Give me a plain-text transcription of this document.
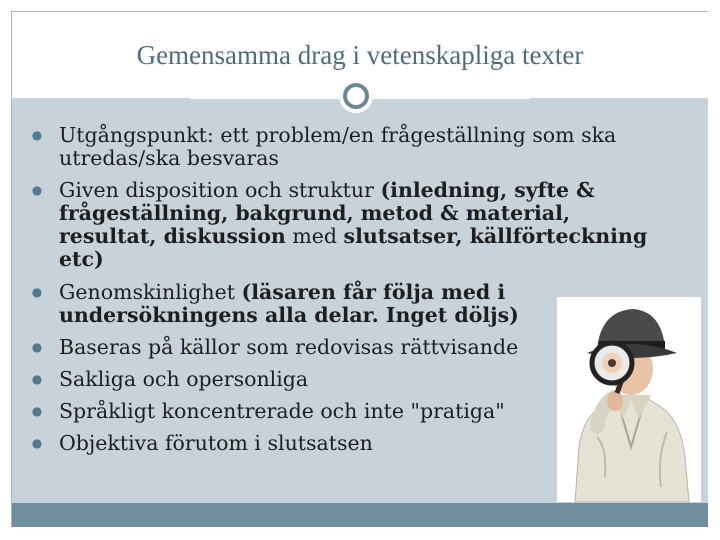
Gemensamma drag i vetenskapliga texter
● Utgångspunkt: ett problem/en frågeställning som ska utredas/ska besvaras
● Given disposition och struktur (inledning, syfte & frågeställning, bakgrund, metod & material, resultat, diskussion med slutsatser, källförteckning etc)
● Genomskinlighet (läsaren får följa med i undersökningens alla delar. Inget döljs)
● Baseras på källor som redovisas rättvisande
● Sakliga och opersonliga
● Språkligt koncentrerade och inte "pratiga"
● Objektiva förutom i slutsatsen
